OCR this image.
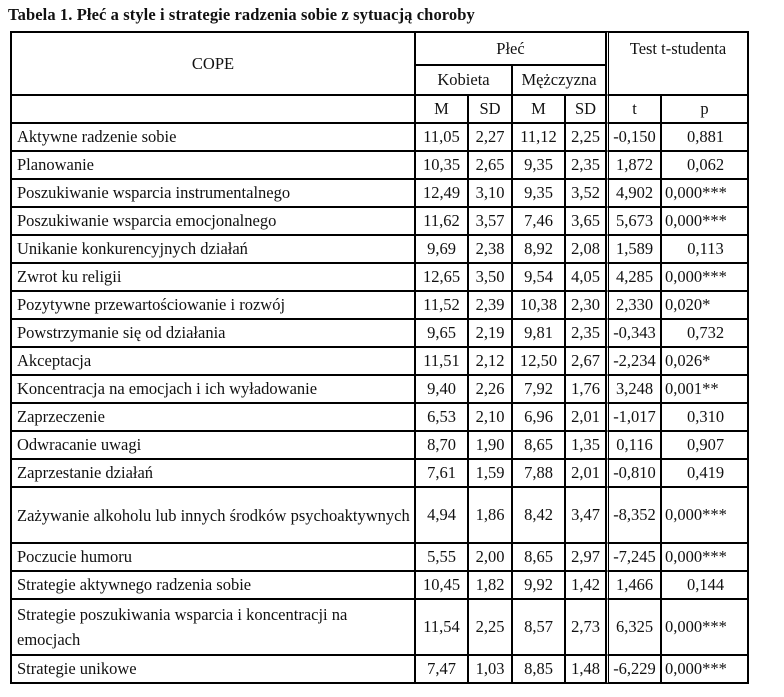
Tabela 1. Płeć a style i strategie radzenia sobie z sytuacją choroby
COPE	Płeć				Test t-studenta	
	Kobieta		Mężczyzna			
	M	SD	M	SD	t	p
Aktywne radzenie sobie	11,05	2,27	11,12	2,25	-0,150	0,881
Planowanie	10,35	2,65	9,35	2,35	1,872	0,062
Poszukiwanie wsparcia instrumentalnego	12,49	3,10	9,35	3,52	4,902	0,000***
Poszukiwanie wsparcia emocjonalnego	11,62	3,57	7,46	3,65	5,673	0,000***
Unikanie konkurencyjnych działań	9,69	2,38	8,92	2,08	1,589	0,113
Zwrot ku religii	12,65	3,50	9,54	4,05	4,285	0,000***
Pozytywne przewartościowanie i rozwój	11,52	2,39	10,38	2,30	2,330	0,020*
Powstrzymanie się od działania	9,65	2,19	9,81	2,35	-0,343	0,732
Akceptacja	11,51	2,12	12,50	2,67	-2,234	0,026*
Koncentracja na emocjach i ich wyładowanie	9,40	2,26	7,92	1,76	3,248	0,001**
Zaprzeczenie	6,53	2,10	6,96	2,01	-1,017	0,310
Odwracanie uwagi	8,70	1,90	8,65	1,35	0,116	0,907
Zaprzestanie działań	7,61	1,59	7,88	2,01	-0,810	0,419
Zażywanie alkoholu lub innych środków psychoaktywnych	4,94	1,86	8,42	3,47	-8,352	0,000***
Poczucie humoru	5,55	2,00	8,65	2,97	-7,245	0,000***
Strategie aktywnego radzenia sobie	10,45	1,82	9,92	1,42	1,466	0,144
Strategie poszukiwania wsparcia i koncentracji na emocjach	11,54	2,25	8,57	2,73	6,325	0,000***
Strategie unikowe	7,47	1,03	8,85	1,48	-6,229	0,000***
